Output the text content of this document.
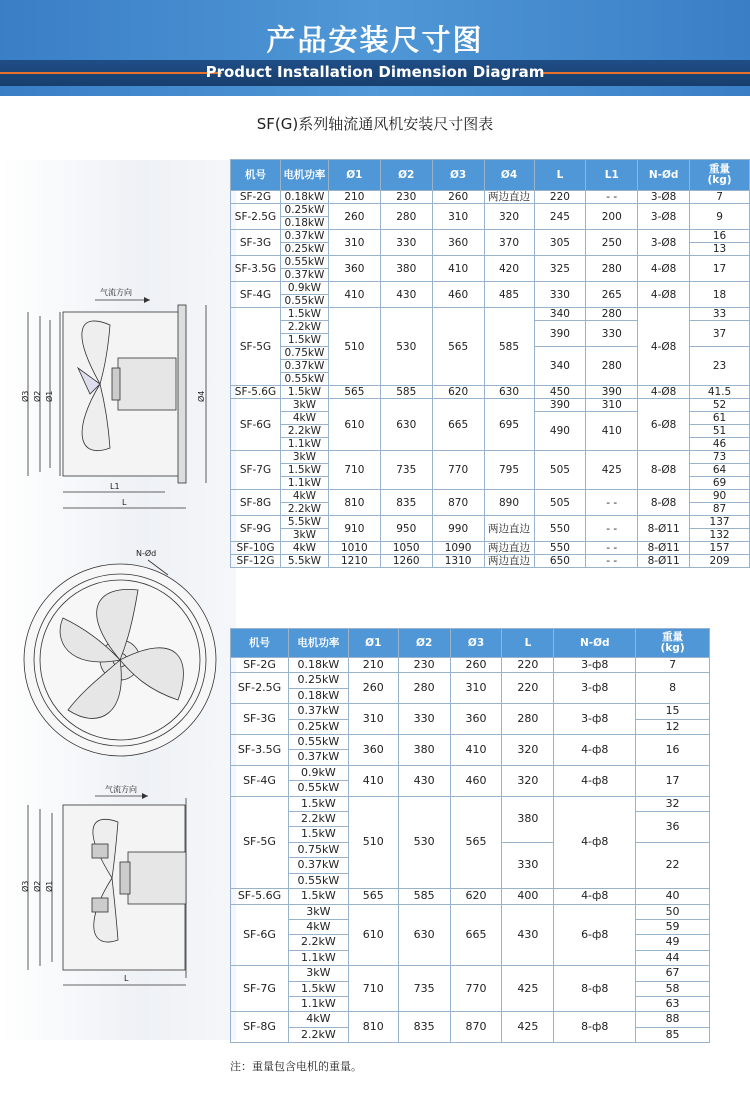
产品安装尺寸图
Product Installation Dimension Diagram
SF(G)系列轴流通风机安装尺寸图表
气流方向
Ø3 Ø2 Ø1	Ø4
L1
L
N-Ød
气流方向
Ø3 Ø2 Ø1
L
机号	电机功率	Ø1	Ø2	Ø3	Ø4	L	L1	N-Ød	重量
(kg)
SF-2G	0.18kW	210	230	260	两边直边	220	- -	3-Ø8	7
SF-2.5G	0.25kW	260	280	310	320	245	200	3-Ø8	9
	0.18kW								
SF-3G	0.37kW	310	330	360	370	305	250	3-Ø8	16
	0.25kW								13
SF-3.5G	0.55kW	360	380	410	420	325	280	4-Ø8	17
	0.37kW								
SF-4G	0.9kW	410	430	460	485	330	265	4-Ø8	18
	0.55kW								
SF-5G	1.5kW	510	530	565	585	340	280	4-Ø8	33
	2.2kW					390	330		37
	1.5kW								
	0.75kW					340	280		23
	0.37kW								
	0.55kW								
SF-5.6G	1.5kW	565	585	620	630	450	390	4-Ø8	41.5
SF-6G	3kW	610	630	665	695	390	310	6-Ø8	52
	4kW					490	410		61
	2.2kW								51
	1.1kW								46
SF-7G	3kW	710	735	770	795	505	425	8-Ø8	73
	1.5kW								64
	1.1kW								69
SF-8G	4kW	810	835	870	890	505	- -	8-Ø8	90
	2.2kW								87
SF-9G	5.5kW	910	950	990	两边直边	550	- -	8-Ø11	137
	3kW								132
SF-10G	4kW	1010	1050	1090	两边直边	550	- -	8-Ø11	157
SF-12G	5.5kW	1210	1260	1310	两边直边	650	- -	8-Ø11	209
机号	电机功率	Ø1	Ø2	Ø3	L	N-Ød	重量
(kg)
SF-2G	0.18kW	210	230	260	220	3-ф8	7
SF-2.5G	0.25kW	260	280	310	220	3-ф8	8
	0.18kW						
SF-3G	0.37kW	310	330	360	280	3-ф8	15
	0.25kW						12
SF-3.5G	0.55kW	360	380	410	320	4-ф8	16
	0.37kW						
SF-4G	0.9kW	410	430	460	320	4-ф8	17
	0.55kW						
SF-5G	1.5kW	510	530	565	380	4-ф8	32
	2.2kW						36
	1.5kW						
	0.75kW				330		22
	0.37kW						
	0.55kW						
SF-5.6G	1.5kW	565	585	620	400	4-ф8	40
SF-6G	3kW	610	630	665	430	6-ф8	50
	4kW						59
	2.2kW						49
	1.1kW						44
SF-7G	3kW	710	735	770	425	8-ф8	67
	1.5kW						58
	1.1kW						63
SF-8G	4kW	810	835	870	425	8-ф8	88
	2.2kW						85
注：重量包含电机的重量。
